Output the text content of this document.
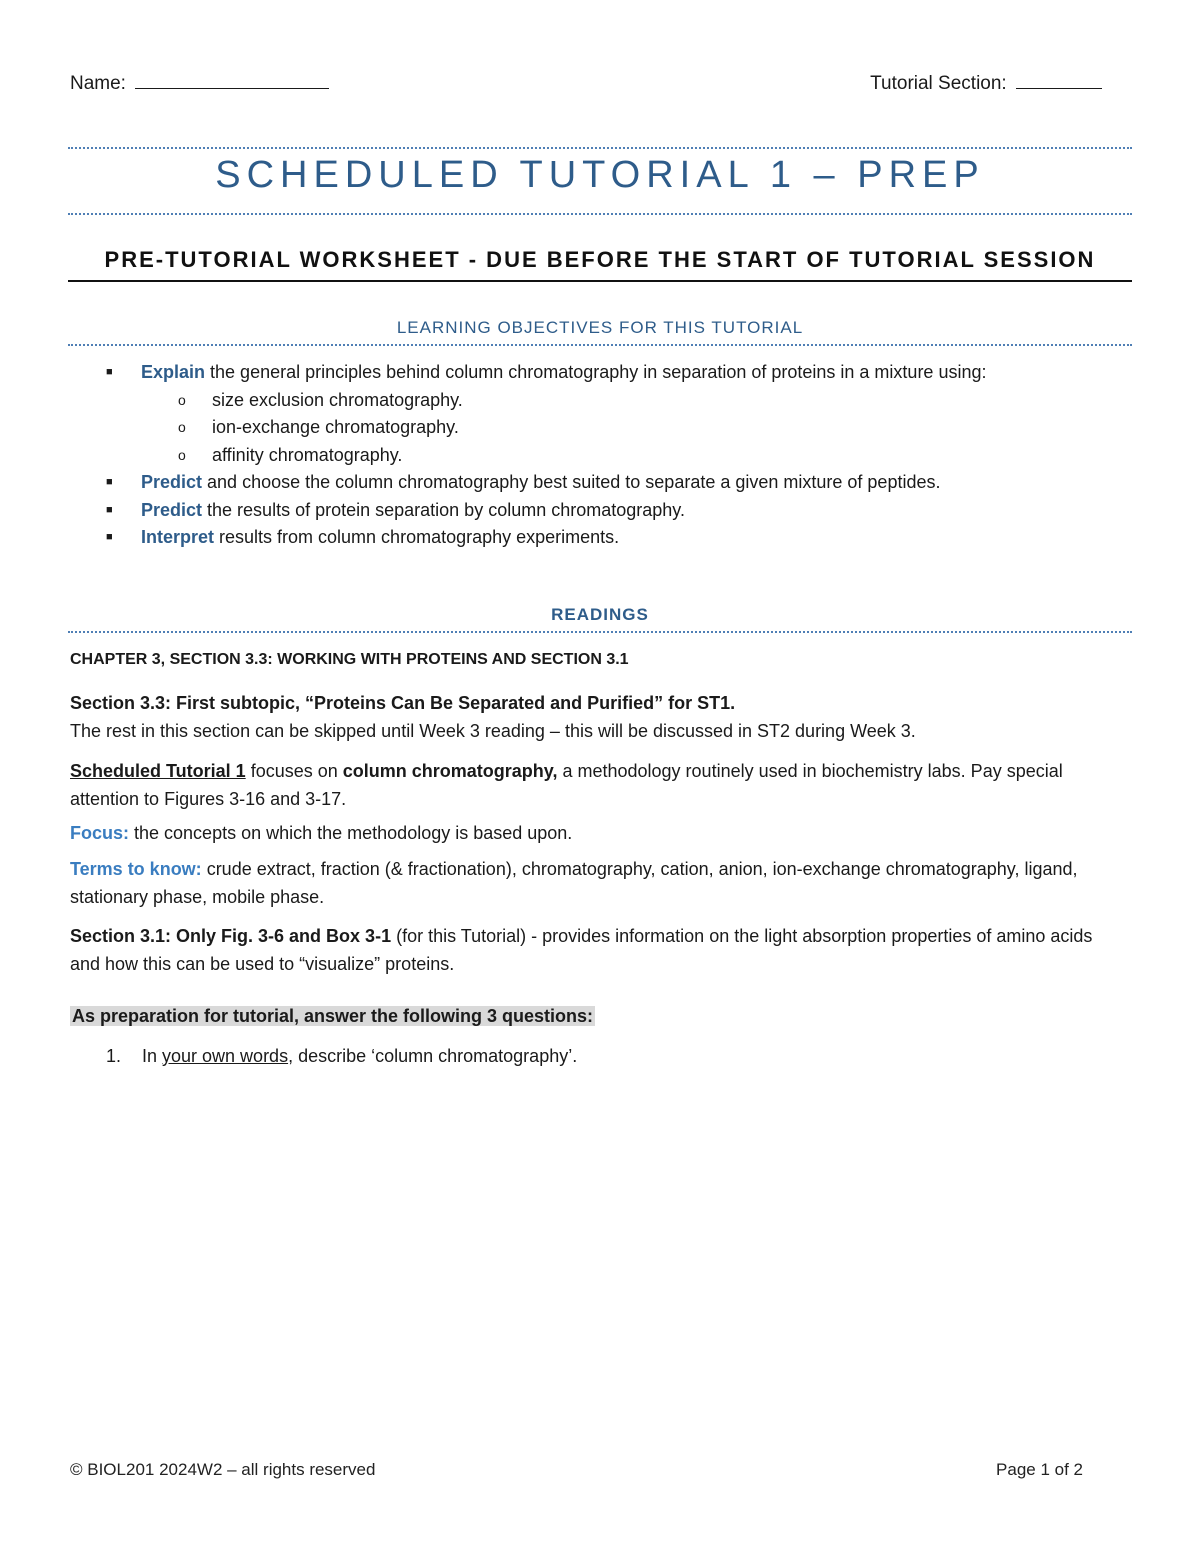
Name:	Tutorial Section:
SCHEDULED TUTORIAL 1 – PREP
PRE-TUTORIAL WORKSHEET - DUE BEFORE THE START OF TUTORIAL SESSION
LEARNING OBJECTIVES FOR THIS TUTORIAL
■ Explain the general principles behind column chromatography in separation of proteins in a mixture using:
o size exclusion chromatography.
o ion-exchange chromatography.
o affinity chromatography.
■ Predict and choose the column chromatography best suited to separate a given mixture of peptides.
■ Predict the results of protein separation by column chromatography.
■ Interpret results from column chromatography experiments.
READINGS
CHAPTER 3, SECTION 3.3: WORKING WITH PROTEINS AND SECTION 3.1
Section 3.3: First subtopic, “Proteins Can Be Separated and Purified” for ST1.
The rest in this section can be skipped until Week 3 reading – this will be discussed in ST2 during Week 3.
Scheduled Tutorial 1 focuses on column chromatography, a methodology routinely used in biochemistry labs. Pay special attention to Figures 3-16 and 3-17.
Focus: the concepts on which the methodology is based upon.
Terms to know: crude extract, fraction (& fractionation), chromatography, cation, anion, ion-exchange chromatography, ligand, stationary phase, mobile phase.
Section 3.1: Only Fig. 3-6 and Box 3-1 (for this Tutorial) - provides information on the light absorption properties of amino acids and how this can be used to “visualize” proteins.
As preparation for tutorial, answer the following 3 questions:
1. In your own words, describe ‘column chromatography’.
© BIOL201 2024W2 – all rights reserved	Page 1 of 2
